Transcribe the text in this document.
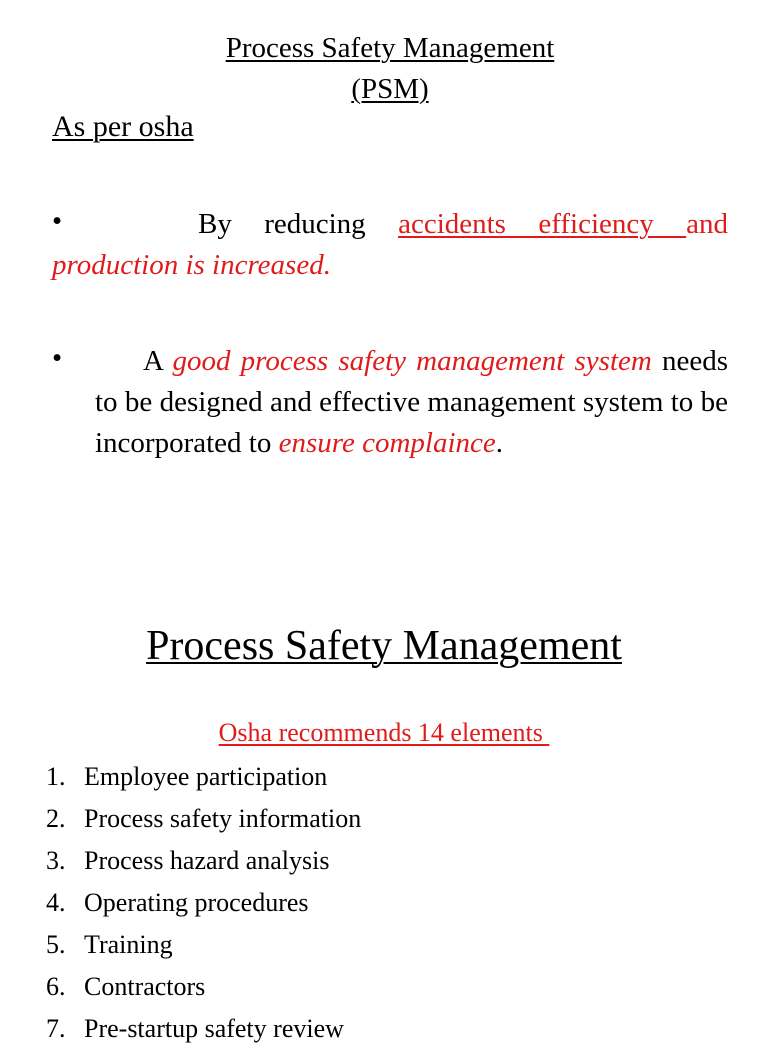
Process Safety Management
(PSM)
As per osha
•	By reducing accidents efficiency and production is increased.
•	A good process safety management system needs to be designed and effective management system to be incorporated to ensure complaince.
Process Safety Management
Osha recommends 14 elements
1. Employee participation
2. Process safety information
3. Process hazard analysis
4. Operating procedures
5. Training
6. Contractors
7. Pre-startup safety review
